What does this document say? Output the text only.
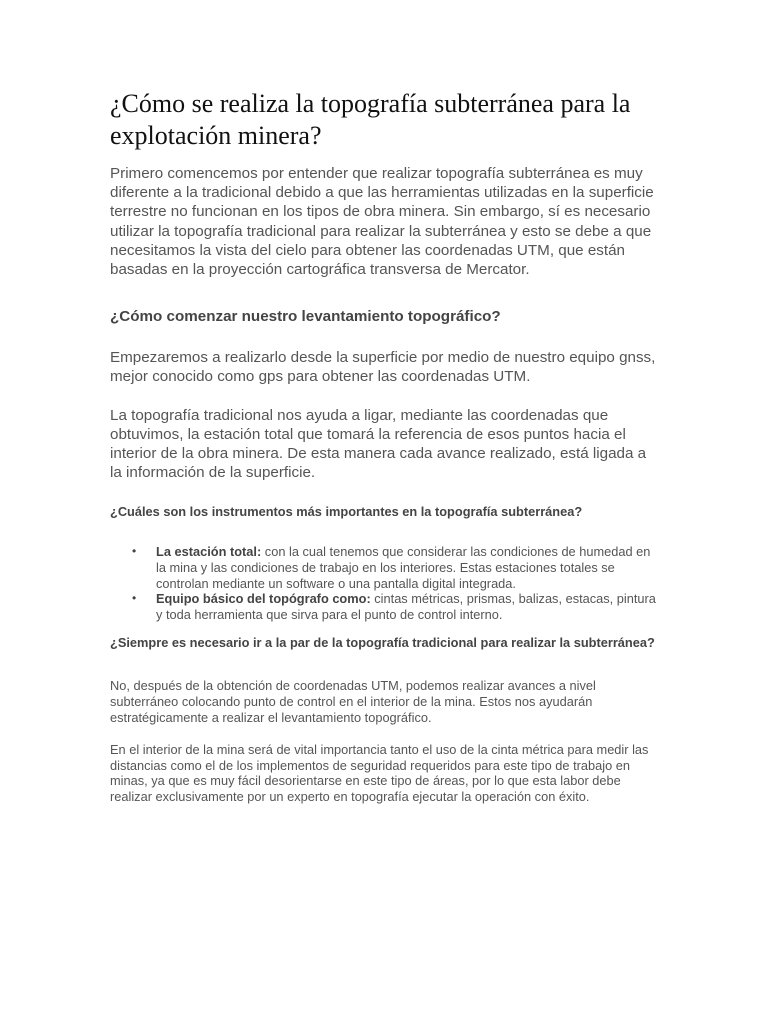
¿Cómo se realiza la topografía subterránea para la explotación minera?

Primero comencemos por entender que realizar topografía subterránea es muy diferente a la tradicional debido a que las herramientas utilizadas en la superficie terrestre no funcionan en los tipos de obra minera. Sin embargo, sí es necesario utilizar la topografía tradicional para realizar la subterránea y esto se debe a que necesitamos la vista del cielo para obtener las coordenadas UTM, que están basadas en la proyección cartográfica transversa de Mercator.

¿Cómo comenzar nuestro levantamiento topográfico?

Empezaremos a realizarlo desde la superficie por medio de nuestro equipo gnss, mejor conocido como gps para obtener las coordenadas UTM.

La topografía tradicional nos ayuda a ligar, mediante las coordenadas que obtuvimos, la estación total que tomará la referencia de esos puntos hacia el interior de la obra minera. De esta manera cada avance realizado, está ligada a la información de la superficie.

¿Cuáles son los instrumentos más importantes en la topografía subterránea?
• La estación total: con la cual tenemos que considerar las condiciones de humedad en la mina y las condiciones de trabajo en los interiores. Estas estaciones totales se controlan mediante un software o una pantalla digital integrada.
• Equipo básico del topógrafo como: cintas métricas, prismas, balizas, estacas, pintura y toda herramienta que sirva para el punto de control interno.
¿Siempre es necesario ir a la par de la topografía tradicional para realizar la subterránea?

No, después de la obtención de coordenadas UTM, podemos realizar avances a nivel subterráneo colocando punto de control en el interior de la mina. Estos nos ayudarán estratégicamente a realizar el levantamiento topográfico.

En el interior de la mina será de vital importancia tanto el uso de la cinta métrica para medir las distancias como el de los implementos de seguridad requeridos para este tipo de trabajo en minas, ya que es muy fácil desorientarse en este tipo de áreas, por lo que esta labor debe realizar exclusivamente por un experto en topografía ejecutar la operación con éxito.
